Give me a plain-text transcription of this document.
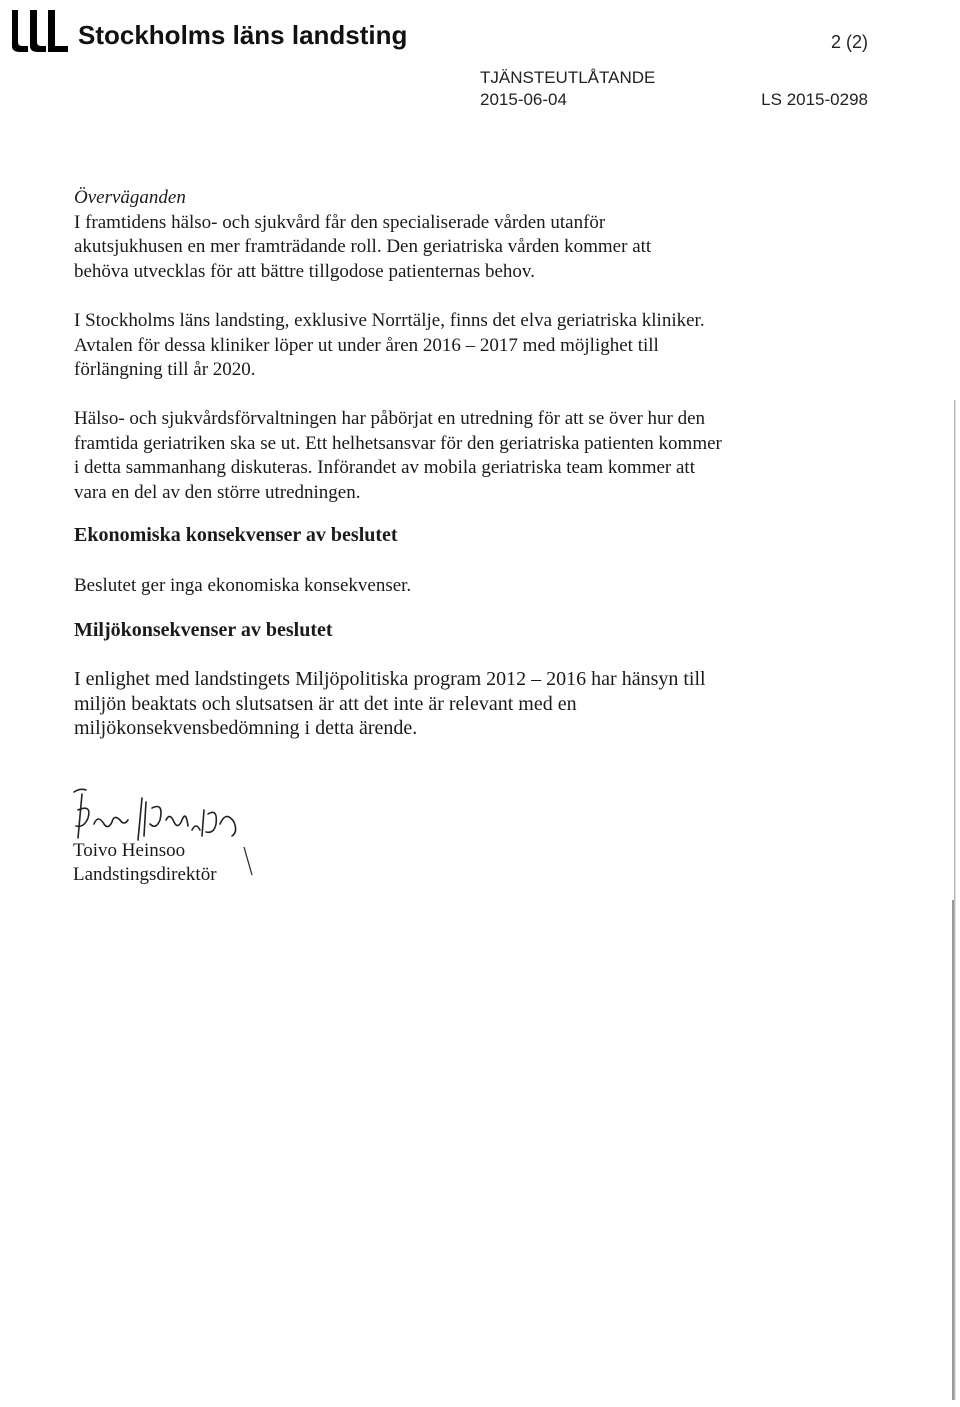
Stockholms läns landsting	2 (2)
TJÄNSTEUTLÅTANDE
2015-06-04	LS 2015-0298

Överväganden

I framtidens hälso- och sjukvård får den specialiserade vården utanför akutsjukhusen en mer framträdande roll. Den geriatriska vården kommer att behöva utvecklas för att bättre tillgodose patienternas behov.

I Stockholms läns landsting, exklusive Norrtälje, finns det elva geriatriska kliniker. Avtalen för dessa kliniker löper ut under åren 2016 – 2017 med möjlighet till förlängning till år 2020.

Hälso- och sjukvårdsförvaltningen har påbörjat en utredning för att se över hur den framtida geriatriken ska se ut. Ett helhetsansvar för den geriatriska patienten kommer i detta sammanhang diskuteras. Införandet av mobila geriatriska team kommer att vara en del av den större utredningen.

Ekonomiska konsekvenser av beslutet

Beslutet ger inga ekonomiska konsekvenser.

Miljökonsekvenser av beslutet

I enlighet med landstingets Miljöpolitiska program 2012 – 2016 har hänsyn till miljön beaktats och slutsatsen är att det inte är relevant med en miljökonsekvensbedömning i detta ärende.

Toivo Heinsoo
Landstingsdirektör
